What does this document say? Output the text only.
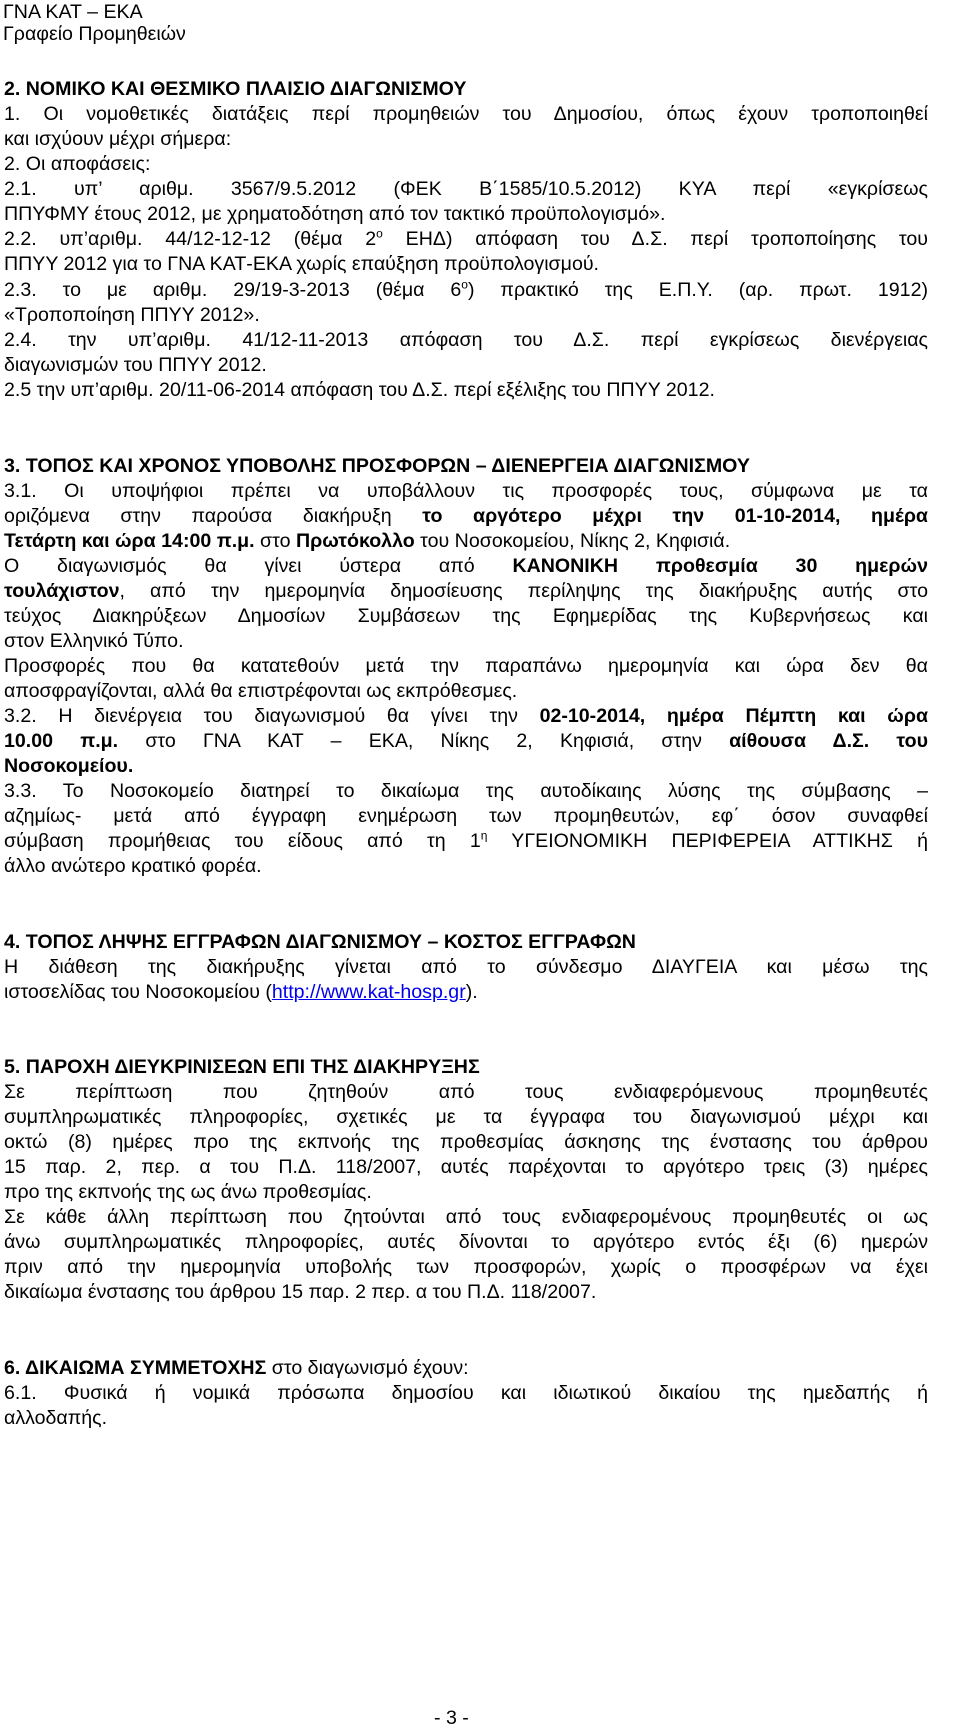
ΓΝΑ ΚΑΤ – ΕΚΑ
Γραφείο Προμηθειών
2. ΝΟΜΙΚΟ ΚΑΙ ΘΕΣΜΙΚΟ ΠΛΑΙΣΙΟ ΔΙΑΓΩΝΙΣΜΟΥ
1. Οι νομοθετικές διατάξεις περί προμηθειών του Δημοσίου, όπως έχουν τροποποιηθεί
και ισχύουν μέχρι σήμερα:
2. Οι αποφάσεις:
2.1. υπ’ αριθμ. 3567/9.5.2012 (ΦΕΚ Β΄1585/10.5.2012) ΚΥΑ περί «εγκρίσεως
ΠΠΥΦΜΥ έτους 2012, με χρηματοδότηση από τον τακτικό προϋπολογισμό».
2.2. υπ’αριθμ. 44/12-12-12 (θέμα $2^o$ ΕΗΔ) απόφαση του Δ.Σ. περί τροποποίησης του
ΠΠΥΥ 2012 για το ΓΝΑ ΚΑΤ-ΕΚΑ χωρίς επαύξηση προϋπολογισμού.
2.3. το με αριθμ. 29/19-3-2013 (θέμα $6^o$) πρακτικό της Ε.Π.Υ. (αρ. πρωτ. 1912)
«Τροποποίηση ΠΠΥΥ 2012».
2.4. την υπ’αριθμ. 41/12-11-2013 απόφαση του Δ.Σ. περί εγκρίσεως διενέργειας
διαγωνισμών του ΠΠΥΥ 2012.
2.5 την υπ’αριθμ. 20/11-06-2014 απόφαση του Δ.Σ. περί εξέλιξης του ΠΠΥΥ 2012.
3. ΤΟΠΟΣ ΚΑΙ ΧΡΟΝΟΣ ΥΠΟΒΟΛΗΣ ΠΡΟΣΦΟΡΩΝ – ΔΙΕΝΕΡΓΕΙΑ ΔΙΑΓΩΝΙΣΜΟΥ
3.1. Οι υποψήφιοι πρέπει να υποβάλλουν τις προσφορές τους, σύμφωνα με τα
οριζόμενα στην παρούσα διακήρυξη το αργότερο μέχρι την 01-10-2014, ημέρα
Τετάρτη και ώρα 14:00 π.μ. στο Πρωτόκολλο του Νοσοκομείου, Νίκης 2, Κηφισιά.
Ο διαγωνισμός θα γίνει ύστερα από ΚΑΝΟΝΙΚΗ προθεσμία 30 ημερών
τουλάχιστον, από την ημερομηνία δημοσίευσης περίληψης της διακήρυξης αυτής στο
τεύχος Διακηρύξεων Δημοσίων Συμβάσεων της Εφημερίδας της Κυβερνήσεως και
στον Ελληνικό Τύπο.
Προσφορές που θα κατατεθούν μετά την παραπάνω ημερομηνία και ώρα δεν θα
αποσφραγίζονται, αλλά θα επιστρέφονται ως εκπρόθεσμες.
3.2. Η διενέργεια του διαγωνισμού θα γίνει την 02-10-2014, ημέρα Πέμπτη και ώρα
10.00 π.μ. στο ΓΝΑ ΚΑΤ – ΕΚΑ, Νίκης 2, Κηφισιά, στην αίθουσα Δ.Σ. του
Νοσοκομείου.
3.3. Το Νοσοκομείο διατηρεί το δικαίωμα της αυτοδίκαιης λύσης της σύμβασης –
αζημίως- μετά από έγγραφη ενημέρωση των προμηθευτών, εφ΄ όσον συναφθεί
σύμβαση προμήθειας του είδους από τη $1^\eta$ ΥΓΕΙΟΝΟΜΙΚΗ ΠΕΡΙΦΕΡΕΙΑ ΑΤΤΙΚΗΣ ή
άλλο ανώτερο κρατικό φορέα.
4. ΤΟΠΟΣ ΛΗΨΗΣ ΕΓΓΡΑΦΩΝ ΔΙΑΓΩΝΙΣΜΟΥ – ΚΟΣΤΟΣ ΕΓΓΡΑΦΩΝ
Η διάθεση της διακήρυξης γίνεται από το σύνδεσμο ΔΙΑΥΓΕΙΑ και μέσω της
ιστοσελίδας του Νοσοκομείου (http://www.kat-hosp.gr).
5. ΠΑΡΟΧΗ ΔΙΕΥΚΡΙΝΙΣΕΩΝ ΕΠΙ ΤΗΣ ΔΙΑΚΗΡΥΞΗΣ
Σε περίπτωση που ζητηθούν από τους ενδιαφερόμενους προμηθευτές
συμπληρωματικές πληροφορίες, σχετικές με τα έγγραφα του διαγωνισμού μέχρι και
οκτώ (8) ημέρες προ της εκπνοής της προθεσμίας άσκησης της ένστασης του άρθρου
15 παρ. 2, περ. α του Π.Δ. 118/2007, αυτές παρέχονται το αργότερο τρεις (3) ημέρες
προ της εκπνοής της ως άνω προθεσμίας.
Σε κάθε άλλη περίπτωση που ζητούνται από τους ενδιαφερομένους προμηθευτές οι ως
άνω συμπληρωματικές πληροφορίες, αυτές δίνονται το αργότερο εντός έξι (6) ημερών
πριν από την ημερομηνία υποβολής των προσφορών, χωρίς ο προσφέρων να έχει
δικαίωμα ένστασης του άρθρου 15 παρ. 2 περ. α του Π.Δ. 118/2007.
6. ΔΙΚΑΙΩΜΑ ΣΥΜΜΕΤΟΧΗΣ στο διαγωνισμό έχουν:
6.1. Φυσικά ή νομικά πρόσωπα δημοσίου και ιδιωτικού δικαίου της ημεδαπής ή
αλλοδαπής.
- 3 -
